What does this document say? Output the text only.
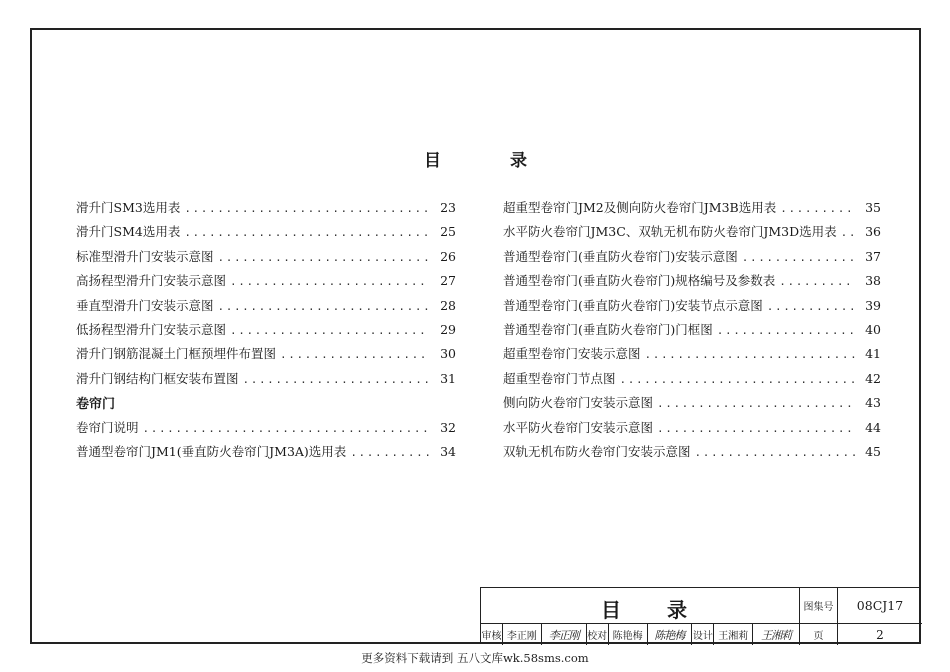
目	录
滑升门SM3选用表 .....	23
滑升门SM4选用表 .....	25
标准型滑升门安装示意图 .....	26
高扬程型滑升门安装示意图 .....	27
垂直型滑升门安装示意图 .....	28
低扬程型滑升门安装示意图 .....	29
滑升门钢筋混凝土门框预埋件布置图 .....	30
滑升门钢结构门框安装布置图 .....	31
卷帘门
卷帘门说明 .....	32
普通型卷帘门JM1(垂直防火卷帘门JM3A)选用表 .....	34
超重型卷帘门JM2及侧向防火卷帘门JM3B选用表 .....	35
水平防火卷帘门JM3C、双轨无机布防火卷帘门JM3D选用表 .....	36
普通型卷帘门(垂直防火卷帘门)安装示意图 .....	37
普通型卷帘门(垂直防火卷帘门)规格编号及参数表 .....	38
普通型卷帘门(垂直防火卷帘门)安装节点示意图 .....	39
普通型卷帘门(垂直防火卷帘门)门框图 .....	40
超重型卷帘门安装示意图 .....	41
超重型卷帘门节点图 .....	42
侧向防火卷帘门安装示意图 .....	43
水平防火卷帘门安装示意图 .....	44
双轨无机布防火卷帘门安装示意图 .....	45
目 录
审核 李正刚	李正刚 校对 陈艳梅	陈艳梅 设计 王湘莉	王湘莉
图集号	08CJ17
页	2
更多资料下载请到 五八文库wk.58sms.com
